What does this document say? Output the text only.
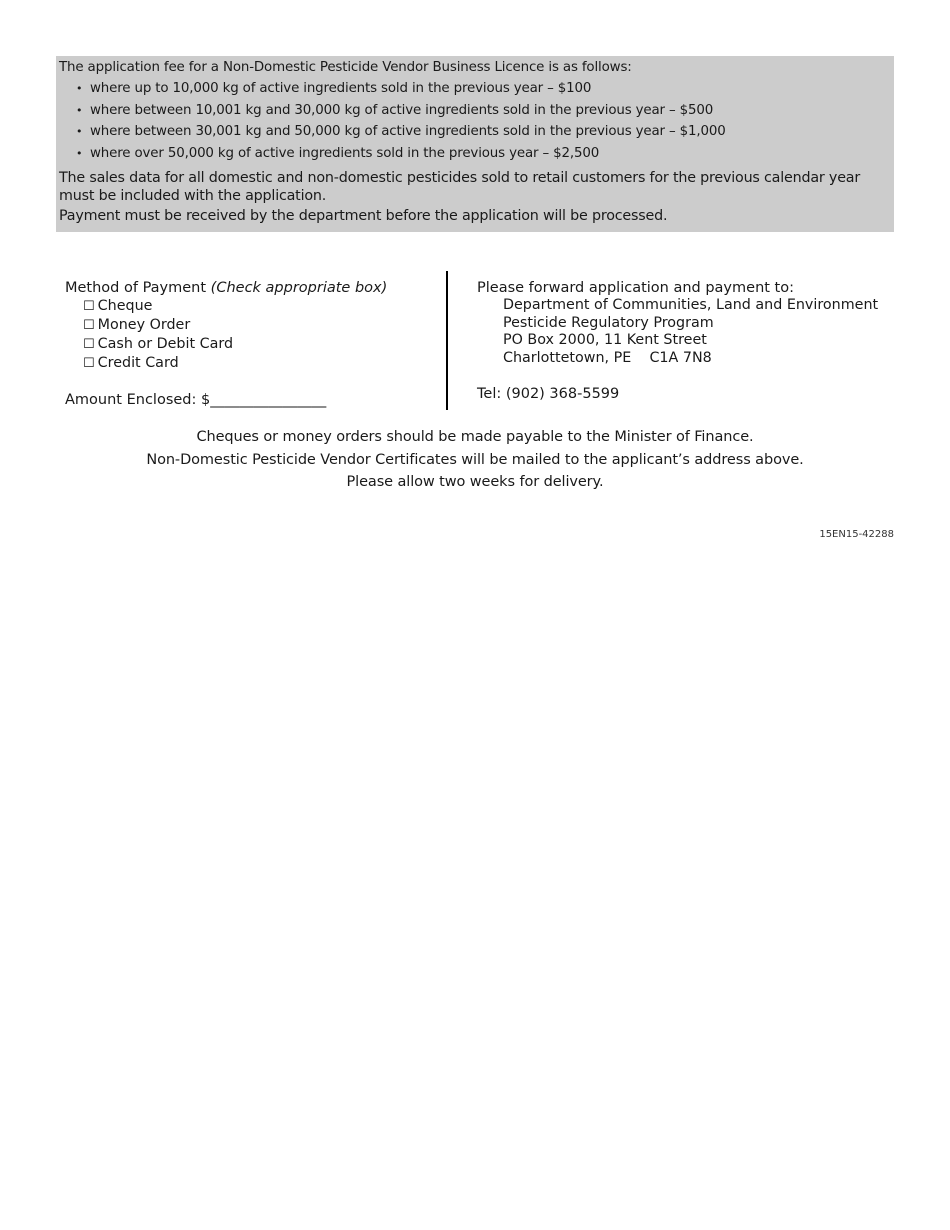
The application fee for a Non-Domestic Pesticide Vendor Business Licence is as follows:

• where up to 10,000 kg of active ingredients sold in the previous year – $100
• where between 10,001 kg and 30,000 kg of active ingredients sold in the previous year – $500
• where between 30,001 kg and 50,000 kg of active ingredients sold in the previous year – $1,000
• where over 50,000 kg of active ingredients sold in the previous year – $2,500

The sales data for all domestic and non-domestic pesticides sold to retail customers for the previous calendar year must be included with the application.

Payment must be received by the department before the application will be processed.

Method of Payment (Check appropriate box)

☐ Cheque
☐ Money Order
☐ Cash or Debit Card
☐ Credit Card
Amount Enclosed: $________________

Please forward application and payment to:

Department of Communities, Land and Environment
Pesticide Regulatory Program
PO Box 2000, 11 Kent Street
Charlottetown, PE    C1A 7N8
Tel: (902) 368-5599
Cheques or money orders should be made payable to the Minister of Finance.
Non-Domestic Pesticide Vendor Certificates will be mailed to the applicant’s address above.
Please allow two weeks for delivery.
15EN15-42288
